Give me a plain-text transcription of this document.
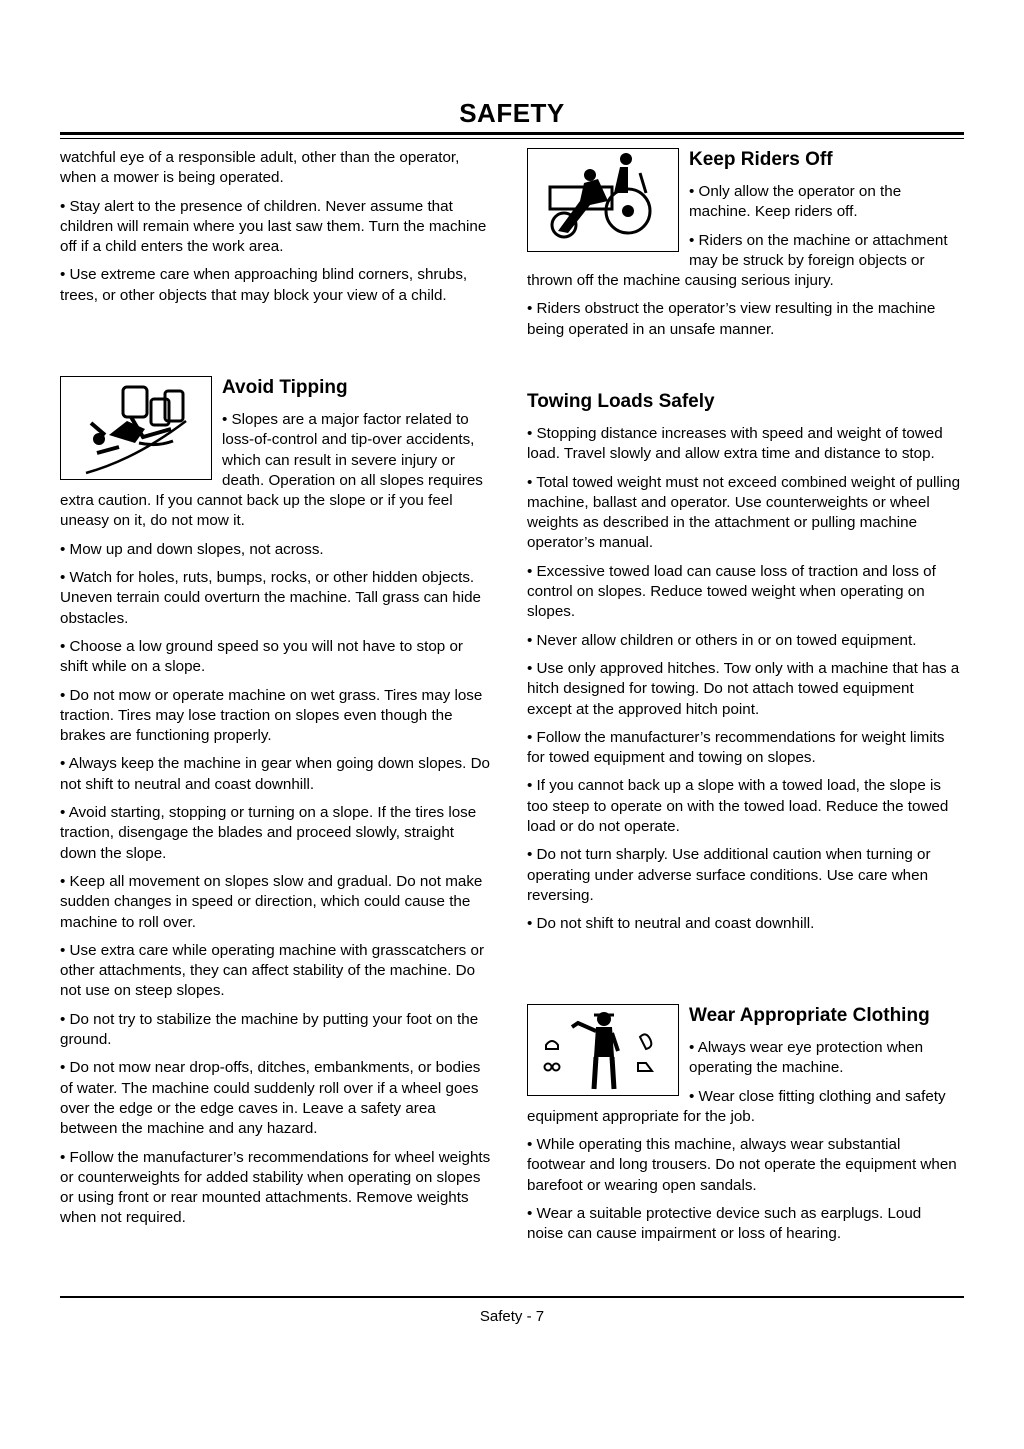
SAFETY

watchful eye of a responsible adult, other than the operator, when a mower is being operated.

• Stay alert to the presence of children. Never assume that children will remain where you last saw them. Turn the machine off if a child enters the work area.

• Use extreme care when approaching blind corners, shrubs, trees, or other objects that may block your view of a child.

Avoid Tipping

• Slopes are a major factor related to loss-of-control and tip-over accidents, which can result in severe injury or death. Operation on all slopes requires extra caution. If you cannot back up the slope or if you feel uneasy on it, do not mow it.

• Mow up and down slopes, not across.

• Watch for holes, ruts, bumps, rocks, or other hidden objects. Uneven terrain could overturn the machine. Tall grass can hide obstacles.

• Choose a low ground speed so you will not have to stop or shift while on a slope.

• Do not mow or operate machine on wet grass. Tires may lose traction. Tires may lose traction on slopes even though the brakes are functioning properly.

• Always keep the machine in gear when going down slopes. Do not shift to neutral and coast downhill.

• Avoid starting, stopping or turning on a slope. If the tires lose traction, disengage the blades and proceed slowly, straight down the slope.

• Keep all movement on slopes slow and gradual. Do not make sudden changes in speed or direction, which could cause the machine to roll over.

• Use extra care while operating machine with grasscatchers or other attachments, they can affect stability of the machine. Do not use on steep slopes.

• Do not try to stabilize the machine by putting your foot on the ground.

• Do not mow near drop-offs, ditches, embankments, or bodies of water. The machine could suddenly roll over if a wheel goes over the edge or the edge caves in. Leave a safety area between the machine and any hazard.

• Follow the manufacturer’s recommendations for wheel weights or counterweights for added stability when operating on slopes or using front or rear mounted attachments. Remove weights when not required.

Keep Riders Off

• Only allow the operator on the machine. Keep riders off.

• Riders on the machine or attachment may be struck by foreign objects or thrown off the machine causing serious injury.

• Riders obstruct the operator’s view resulting in the machine being operated in an unsafe manner.

Towing Loads Safely

• Stopping distance increases with speed and weight of towed load. Travel slowly and allow extra time and distance to stop.

• Total towed weight must not exceed combined weight of pulling machine, ballast and operator. Use counterweights or wheel weights as described in the attachment or pulling machine operator’s manual.

• Excessive towed load can cause loss of traction and loss of control on slopes. Reduce towed weight when operating on slopes.

• Never allow children or others in or on towed equipment.

• Use only approved hitches. Tow only with a machine that has a hitch designed for towing. Do not attach towed equipment except at the approved hitch point.

• Follow the manufacturer’s recommendations for weight limits for towed equipment and towing on slopes.

• If you cannot back up a slope with a towed load, the slope is too steep to operate on with the towed load. Reduce the towed load or do not operate.

• Do not turn sharply. Use additional caution when turning or operating under adverse surface conditions. Use care when reversing.

• Do not shift to neutral and coast downhill.

Wear Appropriate Clothing

• Always wear eye protection when operating the machine.

• Wear close fitting clothing and safety equipment appropriate for the job.

• While operating this machine, always wear substantial footwear and long trousers. Do not operate the equipment when barefoot or wearing open sandals.

• Wear a suitable protective device such as earplugs. Loud noise can cause impairment or loss of hearing.

Safety - 7
